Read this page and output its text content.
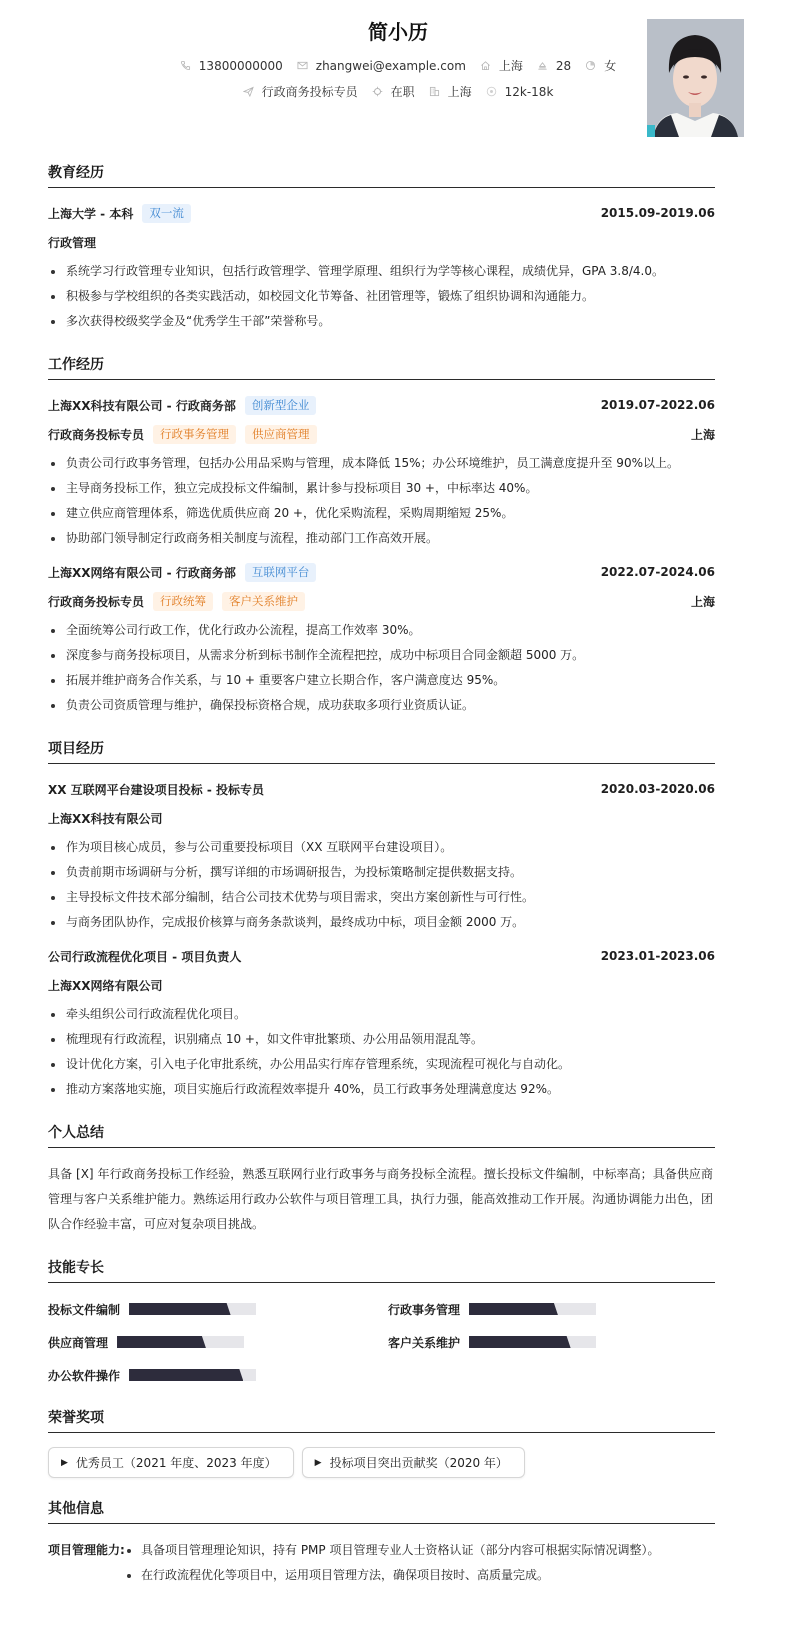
简小历
13800000000	zhangwei@example.com	上海	28	女
行政商务投标专员	在职	上海	12k-18k
教育经历
上海大学 - 本科	双一流	2015.09-2019.06
行政管理
系统学习行政管理专业知识，包括行政管理学、管理学原理、组织行为学等核心课程，成绩优异，GPA 3.8/4.0。
积极参与学校组织的各类实践活动，如校园文化节筹备、社团管理等，锻炼了组织协调和沟通能力。
多次获得校级奖学金及“优秀学生干部”荣誉称号。
工作经历
上海XX科技有限公司 - 行政商务部	创新型企业	2019.07-2022.06
行政商务投标专员	行政事务管理	供应商管理	上海
负责公司行政事务管理，包括办公用品采购与管理，成本降低 15%；办公环境维护，员工满意度提升至 90%以上。
主导商务投标工作，独立完成投标文件编制，累计参与投标项目 30 +，中标率达 40%。
建立供应商管理体系，筛选优质供应商 20 +，优化采购流程，采购周期缩短 25%。
协助部门领导制定行政商务相关制度与流程，推动部门工作高效开展。
上海XX网络有限公司 - 行政商务部	互联网平台	2022.07-2024.06
行政商务投标专员	行政统筹	客户关系维护	上海
全面统筹公司行政工作，优化行政办公流程，提高工作效率 30%。
深度参与商务投标项目，从需求分析到标书制作全流程把控，成功中标项目合同金额超 5000 万。
拓展并维护商务合作关系，与 10 + 重要客户建立长期合作，客户满意度达 95%。
负责公司资质管理与维护，确保投标资格合规，成功获取多项行业资质认证。
项目经历
XX 互联网平台建设项目投标 - 投标专员	2020.03-2020.06
上海XX科技有限公司
作为项目核心成员，参与公司重要投标项目（XX 互联网平台建设项目）。
负责前期市场调研与分析，撰写详细的市场调研报告，为投标策略制定提供数据支持。
主导投标文件技术部分编制，结合公司技术优势与项目需求，突出方案创新性与可行性。
与商务团队协作，完成报价核算与商务条款谈判，最终成功中标，项目金额 2000 万。
公司行政流程优化项目 - 项目负责人	2023.01-2023.06
上海XX网络有限公司
牵头组织公司行政流程优化项目。
梳理现有行政流程，识别痛点 10 +，如文件审批繁琐、办公用品领用混乱等。
设计优化方案，引入电子化审批系统，办公用品实行库存管理系统，实现流程可视化与自动化。
推动方案落地实施，项目实施后行政流程效率提升 40%，员工行政事务处理满意度达 92%。
个人总结
具备 [X] 年行政商务投标工作经验，熟悉互联网行业行政事务与商务投标全流程。擅长投标文件编制，中标率高；具备供应商管理与客户关系维护能力。熟练运用行政办公软件与项目管理工具，执行力强，能高效推动工作开展。沟通协调能力出色，团队合作经验丰富，可应对复杂项目挑战。
技能专长
投标文件编制	行政事务管理
供应商管理	客户关系维护
办公软件操作
荣誉奖项
▶ 优秀员工（2021 年度、2023 年度）	▶ 投标项目突出贡献奖（2020 年）
其他信息
项目管理能力:	具备项目管理理论知识，持有 PMP 项目管理专业人士资格认证（部分内容可根据实际情况调整）。
在行政流程优化等项目中，运用项目管理方法，确保项目按时、高质量完成。
